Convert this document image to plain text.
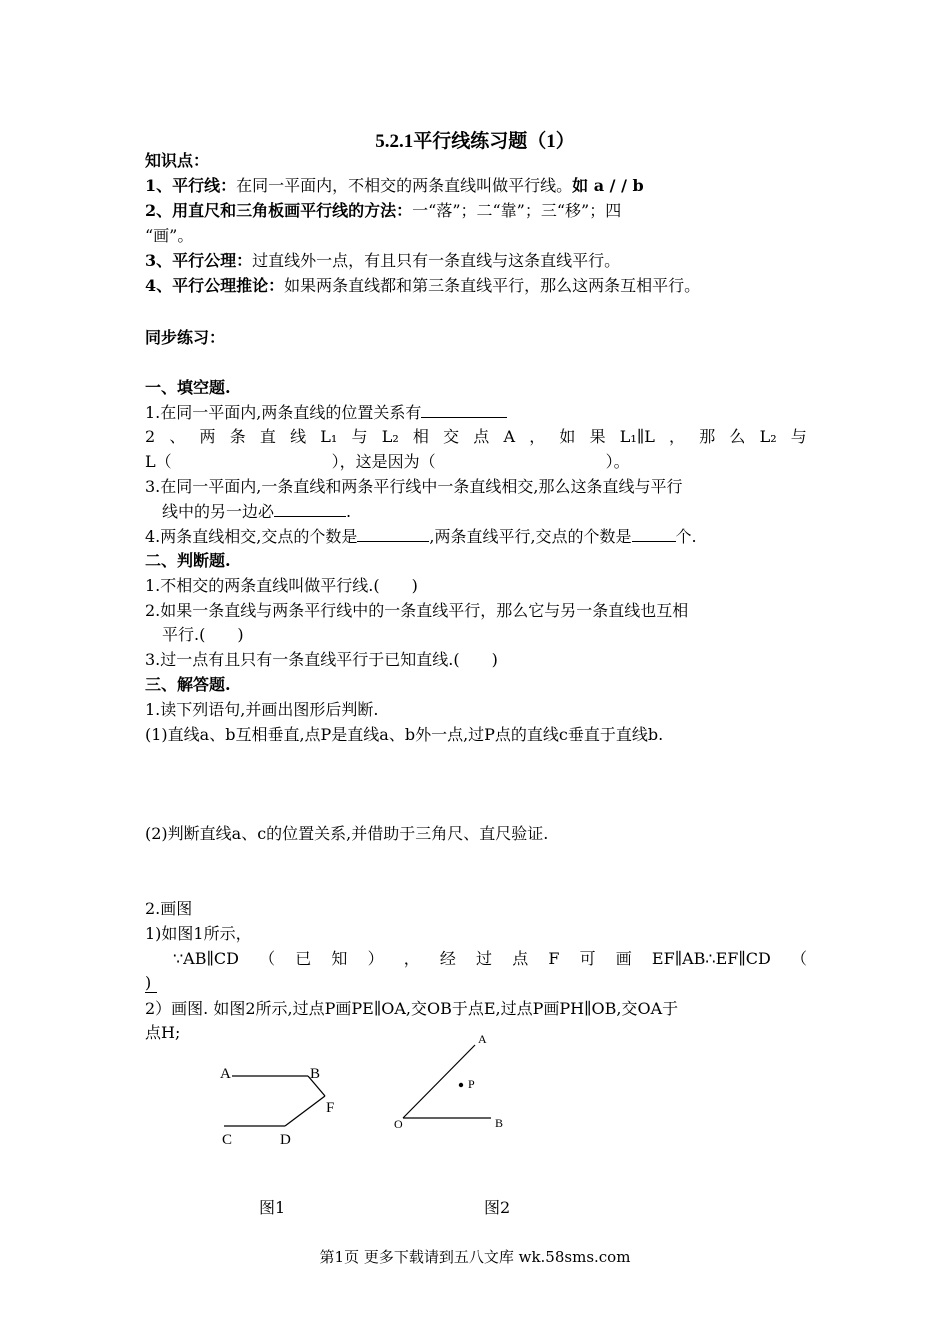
5.2.1平行线练习题（1）
知识点：
1、平行线：在同一平面内，不相交的两条直线叫做平行线。如 a / / b
2、用直尺和三角板画平行线的方法：一“落”；二“靠”；三“移”；四
“画”。
3、平行公理：过直线外一点，有且只有一条直线与这条直线平行。
4、平行公理推论：如果两条直线都和第三条直线平行，那么这两条互相平行。
同步练习：
一、填空题.
1.在同一平面内,两条直线的位置关系有
2 、 两 条 直 线 L₁ 与 L₂ 相 交 点 A ， 如 果 L₁∥L ， 那 么 L₂ 与
L（	），这是因为（	）。
3.在同一平面内,一条直线和两条平行线中一条直线相交,那么这条直线与平行
线中的另一边必	.
4.两条直线相交,交点的个数是	,两条直线平行,交点的个数是	个.
二、判断题.
1.不相交的两条直线叫做平行线.(　　)
2.如果一条直线与两条平行线中的一条直线平行，那么它与另一条直线也互相
平行.(　　)
3.过一点有且只有一条直线平行于已知直线.(　　)
三、解答题.
1.读下列语句,并画出图形后判断.
(1)直线a、b互相垂直,点P是直线a、b外一点,过P点的直线c垂直于直线b.
(2)判断直线a、c的位置关系,并借助于三角尺、直尺验证.
2.画图
1)如图1所示，
∵AB∥CD （ 已 知 ） ， 经 过 点 F 可 画 EF∥AB∴EF∥CD （
)
2）画图. 如图2所示,过点P画PE∥OA,交OB于点E,过点P画PH∥OB,交OA于
点H;
A	B
F
C	D
A
P
O	B
图1	图2
第1页 更多下载请到五八文库 wk.58sms.com
